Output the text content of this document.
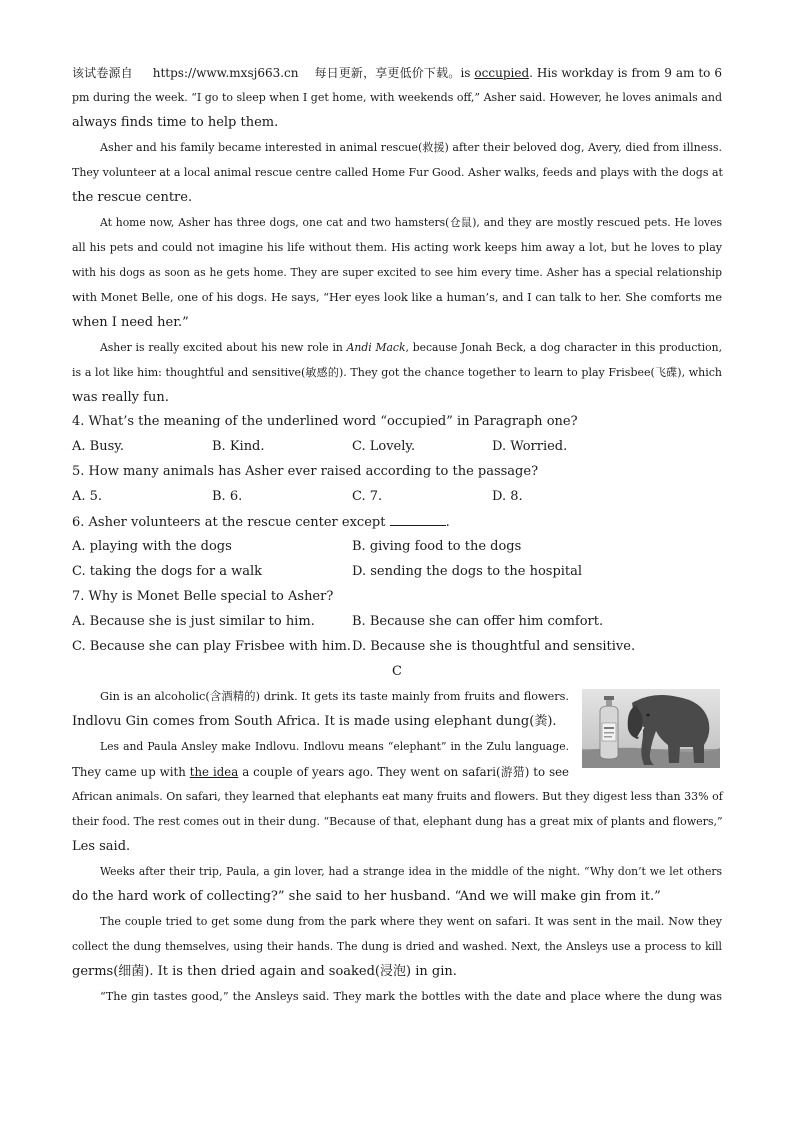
该试卷源自 https://www.mxsj663.cn 每日更新，享更低价下载。is occupied. His workday is from 9 am to 6
pm during the week. “I go to sleep when I get home, with weekends off,” Asher said. However, he loves animals and
always finds time to help them.
Asher and his family became interested in animal rescue(救援) after their beloved dog, Avery, died from illness.
They volunteer at a local animal rescue centre called Home Fur Good. Asher walks, feeds and plays with the dogs at
the rescue centre.
At home now, Asher has three dogs, one cat and two hamsters(仓鼠), and they are mostly rescued pets. He loves
all his pets and could not imagine his life without them. His acting work keeps him away a lot, but he loves to play
with his dogs as soon as he gets home. They are super excited to see him every time. Asher has a special relationship
with Monet Belle, one of his dogs. He says, “Her eyes look like a human’s, and I can talk to her. She comforts me
when I need her.”
Asher is really excited about his new role in Andi Mack, because Jonah Beck, a dog character in this production,
is a lot like him: thoughtful and sensitive(敏感的). They got the chance together to learn to play Frisbee(飞碟), which
was really fun.
4. What’s the meaning of the underlined word “occupied” in Paragraph one?
A. Busy.	B. Kind.	C. Lovely.	D. Worried.
5. How many animals has Asher ever raised according to the passage?
A. 5.	B. 6.	C. 7.	D. 8.
6. Asher volunteers at the rescue center except	.
A. playing with the dogs	B. giving food to the dogs
C. taking the dogs for a walk	D. sending the dogs to the hospital
7. Why is Monet Belle special to Asher?
A. Because she is just similar to him.	B. Because she can offer him comfort.
C. Because she can play Frisbee with him. D. Because she is thoughtful and sensitive.
C
Gin is an alcoholic(含酒精的) drink. It gets its taste mainly from fruits and flowers.
Indlovu Gin comes from South Africa. It is made using elephant dung(粪).
Les and Paula Ansley make Indlovu. Indlovu means “elephant” in the Zulu language.
They came up with the idea a couple of years ago. They went on safari(游猎) to see
African animals. On safari, they learned that elephants eat many fruits and flowers. But they digest less than 33% of
their food. The rest comes out in their dung. “Because of that, elephant dung has a great mix of plants and flowers,”
Les said.
Weeks after their trip, Paula, a gin lover, had a strange idea in the middle of the night. “Why don’t we let others
do the hard work of collecting?” she said to her husband. “And we will make gin from it.”
The couple tried to get some dung from the park where they went on safari. It was sent in the mail. Now they
collect the dung themselves, using their hands. The dung is dried and washed. Next, the Ansleys use a process to kill
germs(细菌). It is then dried again and soaked(浸泡) in gin.
“The gin tastes good,” the Ansleys said. They mark the bottles with the date and place where the dung was
